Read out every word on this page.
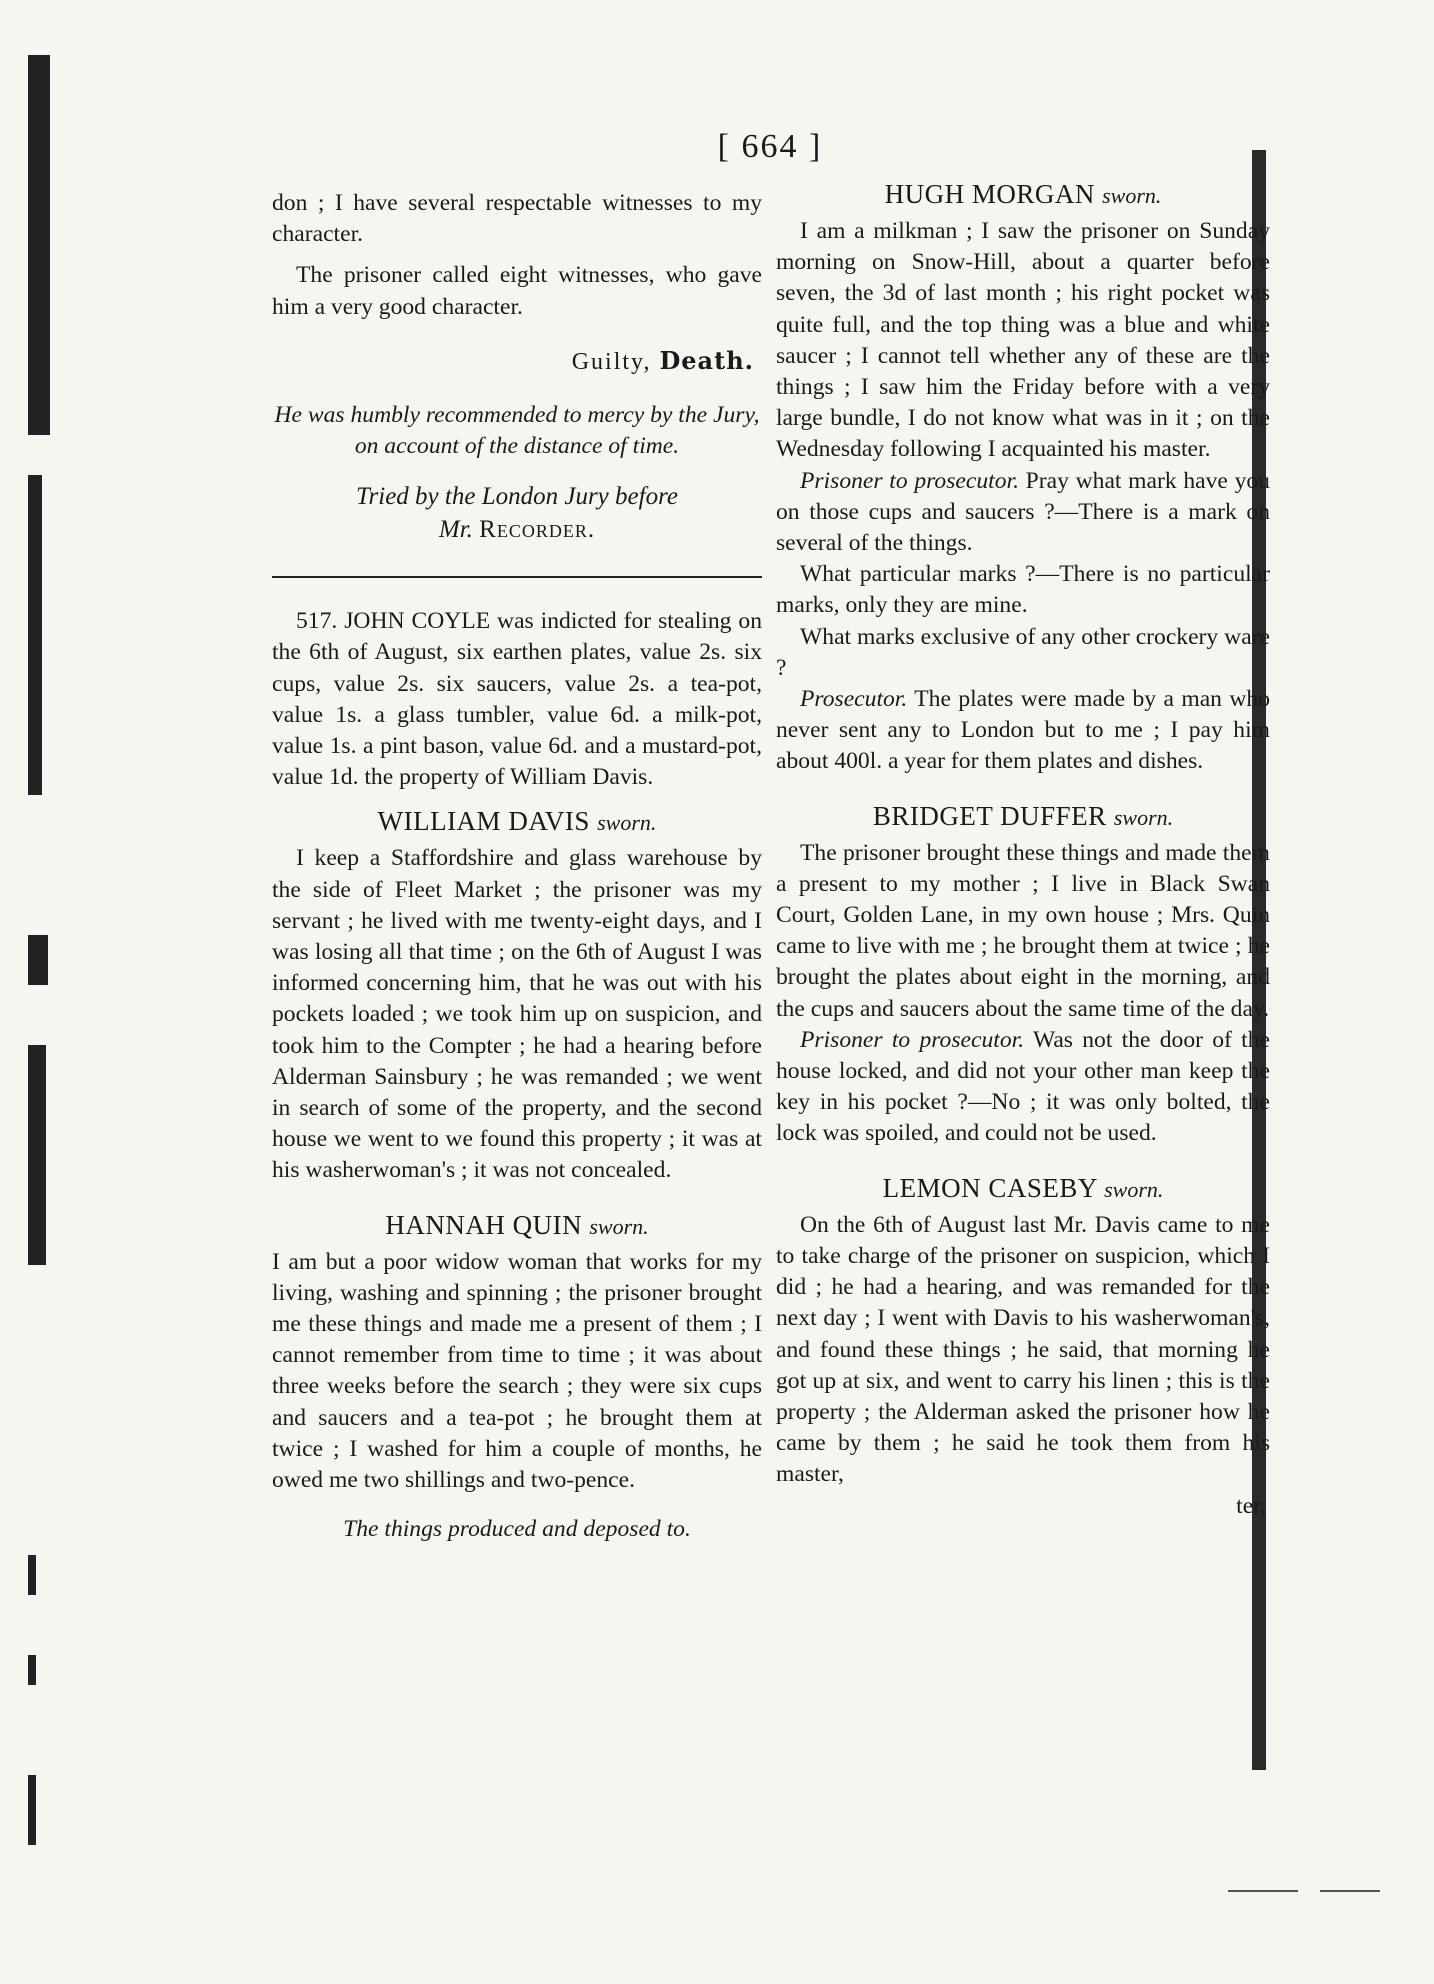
[ 664 ]

don ; I have several respectable witnesses to my character.

The prisoner called eight witnesses, who gave him a very good character.

Guilty, Death.

He was humbly recommended to mercy by the Jury, on account of the distance of time.

Tried by the London Jury before
Mr. Recorder.

517. JOHN COYLE was indicted for stealing on the 6th of August, six earthen plates, value 2s. six cups, value 2s. six saucers, value 2s. a tea-pot, value 1s. a glass tumbler, value 6d. a milk-pot, value 1s. a pint bason, value 6d. and a mustard-pot, value 1d. the property of William Davis.

WILLIAM DAVIS sworn.

I keep a Staffordshire and glass warehouse by the side of Fleet Market ; the prisoner was my servant ; he lived with me twenty-eight days, and I was losing all that time ; on the 6th of August I was informed concerning him, that he was out with his pockets loaded ; we took him up on suspicion, and took him to the Compter ; he had a hearing before Alderman Sainsbury ; he was remanded ; we went in search of some of the property, and the second house we went to we found this property ; it was at his washerwoman's ; it was not concealed.

HANNAH QUIN sworn.

I am but a poor widow woman that works for my living, washing and spinning ; the prisoner brought me these things and made me a present of them ; I cannot remember from time to time ; it was about three weeks before the search ; they were six cups and saucers and a tea-pot ; he brought them at twice ; I washed for him a couple of months, he owed me two shillings and two-pence.

The things produced and deposed to.

HUGH MORGAN sworn.

I am a milkman ; I saw the prisoner on Sunday morning on Snow-Hill, about a quarter before seven, the 3d of last month ; his right pocket was quite full, and the top thing was a blue and white saucer ; I cannot tell whether any of these are the things ; I saw him the Friday before with a very large bundle, I do not know what was in it ; on the Wednesday following I acquainted his master.

Prisoner to prosecutor. Pray what mark have you on those cups and saucers ?—There is a mark on several of the things.

What particular marks ?—There is no particular marks, only they are mine.

What marks exclusive of any other crockery ware ?

Prosecutor. The plates were made by a man who never sent any to London but to me ; I pay him about 400l. a year for them plates and dishes.

BRIDGET DUFFER sworn.

The prisoner brought these things and made them a present to my mother ; I live in Black Swan Court, Golden Lane, in my own house ; Mrs. Quin came to live with me ; he brought them at twice ; he brought the plates about eight in the morning, and the cups and saucers about the same time of the day.

Prisoner to prosecutor. Was not the door of the house locked, and did not your other man keep the key in his pocket ?—No ; it was only bolted, the lock was spoiled, and could not be used.

LEMON CASEBY sworn.

On the 6th of August last Mr. Davis came to me to take charge of the prisoner on suspicion, which I did ; he had a hearing, and was remanded for the next day ; I went with Davis to his washerwoman's, and found these things ; he said, that morning he got up at six, and went to carry his linen ; this is the property ; the Alderman asked the prisoner how he came by them ; he said he took them from his master,

ter,
